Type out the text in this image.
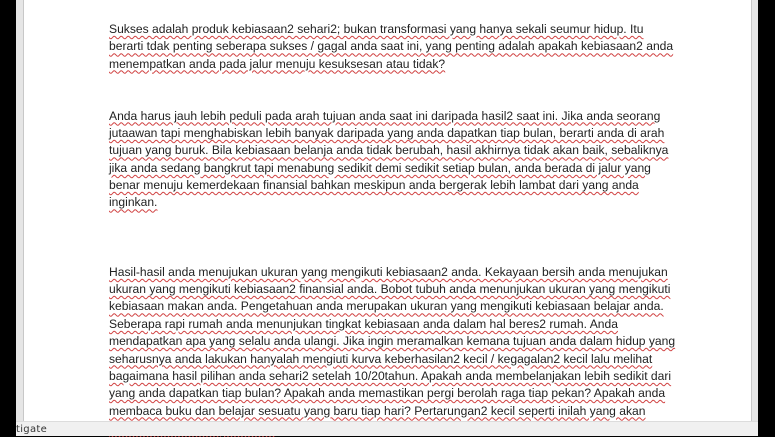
Sukses adalah produk kebiasaan2 sehari2; bukan transformasi yang hanya sekali seumur hidup. Itu
berarti tdak penting seberapa sukses / gagal anda saat ini, yang penting adalah apakah kebiasaan2 anda
menempatkan anda pada jalur menuju kesuksesan atau tidak?

Anda harus jauh lebih peduli pada arah tujuan anda saat ini daripada hasil2 saat ini. Jika anda seorang
jutaawan tapi menghabiskan lebih banyak daripada yang anda dapatkan tiap bulan, berarti anda di arah
tujuan yang buruk. Bila kebiasaan belanja anda tidak berubah, hasil akhirnya tidak akan baik, sebaliknya
jika anda sedang bangkrut tapi menabung sedikit demi sedikit setiap bulan, anda berada di jalur yang
benar menuju kemerdekaan finansial bahkan meskipun anda bergerak lebih lambat dari yang anda
inginkan.

Hasil-hasil anda menujukan ukuran yang mengikuti kebiasaan2 anda. Kekayaan bersih anda menujukan
ukuran yang mengikuti kebiasaan2 finansial anda. Bobot tubuh anda menunjukan ukuran yang mengikuti
kebiasaan makan anda. Pengetahuan anda merupakan ukuran yang mengikuti kebiasaan belajar anda.
Seberapa rapi rumah anda menunjukan tingkat kebiasaan anda dalam hal beres2 rumah. Anda
mendapatkan apa yang selalu anda ulangi. Jika ingin meramalkan kemana tujuan anda dalam hidup yang
seharusnya anda lakukan hanyalah mengiuti kurva keberhasilan2 kecil / kegagalan2 kecil lalu melihat
bagaimana hasil pilihan anda sehari2 setelah 10/20tahun. Apakah anda membelanjakan lebih sedikit dari
yang anda dapatkan tiap bulan? Apakah anda memastikan pergi berolah raga tiap pekan? Apakah anda
membaca buku dan belajar sesuatu yang baru tiap hari? Pertarungan2 kecil seperti inilah yang akan

tigate
